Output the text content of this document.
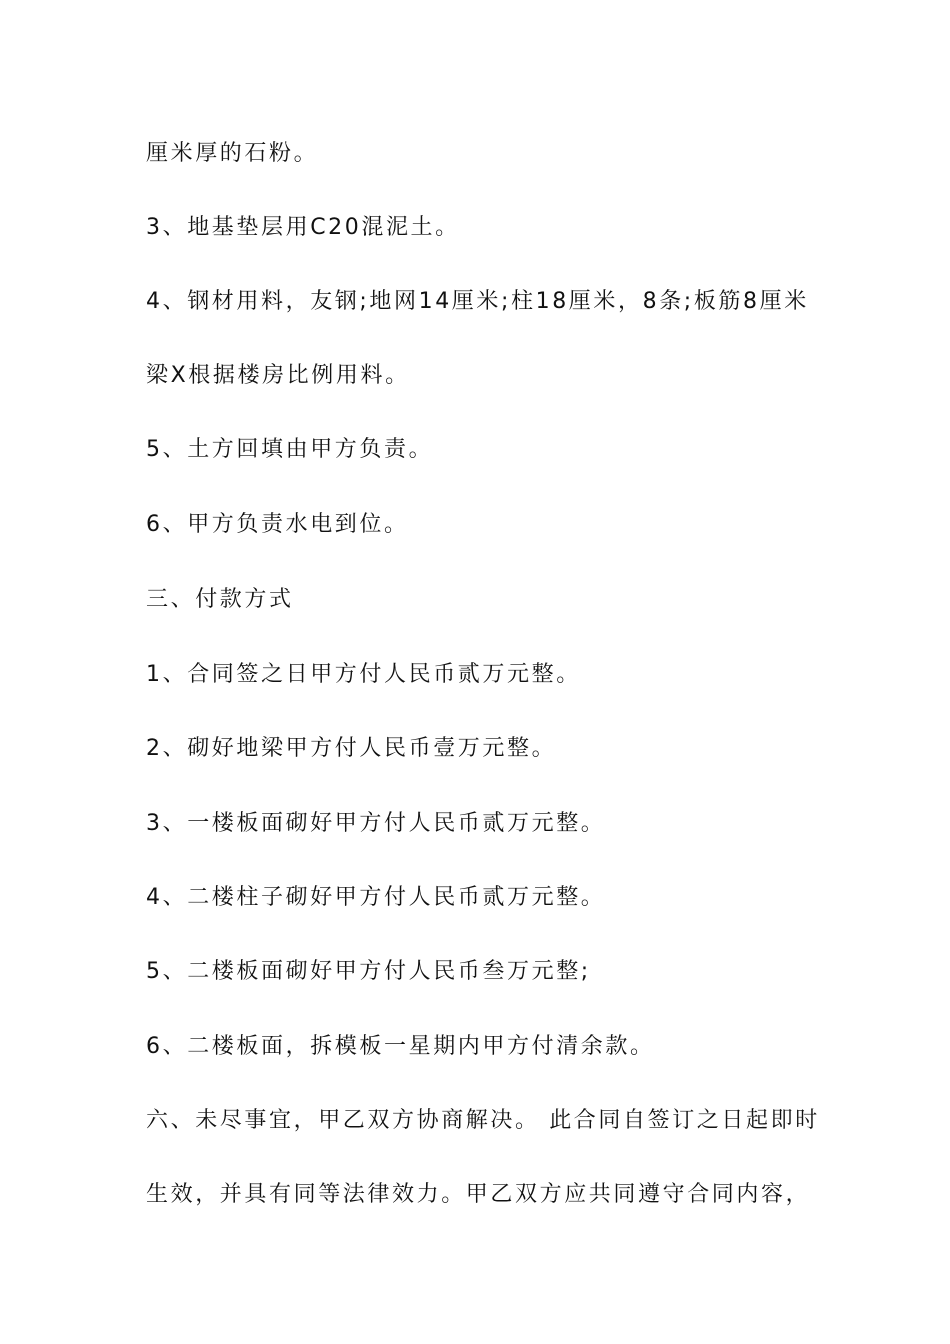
厘米厚的石粉。
3、地基垫层用C20混泥土。
4、钢材用料，友钢;地网14厘米;柱18厘米，8条;板筋8厘米
梁X根据楼房比例用料。
5、土方回填由甲方负责。
6、甲方负责水电到位。
三、付款方式
1、合同签之日甲方付人民币贰万元整。
2、砌好地梁甲方付人民币壹万元整。
3、一楼板面砌好甲方付人民币贰万元整。
4、二楼柱子砌好甲方付人民币贰万元整。
5、二楼板面砌好甲方付人民币叁万元整;
6、二楼板面，拆模板一星期内甲方付清余款。
六、未尽事宜，甲乙双方协商解决。 此合同自签订之日起即时
生效，并具有同等法律效力。甲乙双方应共同遵守合同内容，
